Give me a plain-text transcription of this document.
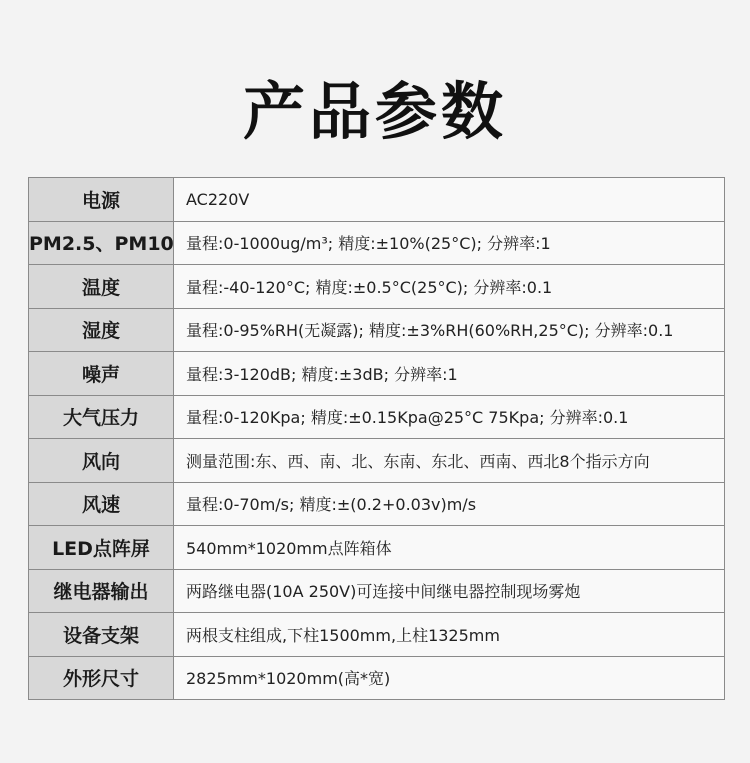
产品参数
电源	AC220V
PM2.5、PM10	量程:0-1000ug/m³; 精度:±10%(25°C); 分辨率:1
温度	量程:-40-120°C; 精度:±0.5°C(25°C); 分辨率:0.1
湿度	量程:0-95%RH(无凝露); 精度:±3%RH(60%RH,25°C); 分辨率:0.1
噪声	量程:3-120dB; 精度:±3dB; 分辨率:1
大气压力	量程:0-120Kpa; 精度:±0.15Kpa@25°C 75Kpa; 分辨率:0.1
风向	测量范围:东、西、南、北、东南、东北、西南、西北8个指示方向
风速	量程:0-70m/s; 精度:±(0.2+0.03v)m/s
LED点阵屏	540mm*1020mm点阵箱体
继电器输出	两路继电器(10A 250V)可连接中间继电器控制现场雾炮
设备支架	两根支柱组成,下柱1500mm,上柱1325mm
外形尺寸	2825mm*1020mm(高*宽)
